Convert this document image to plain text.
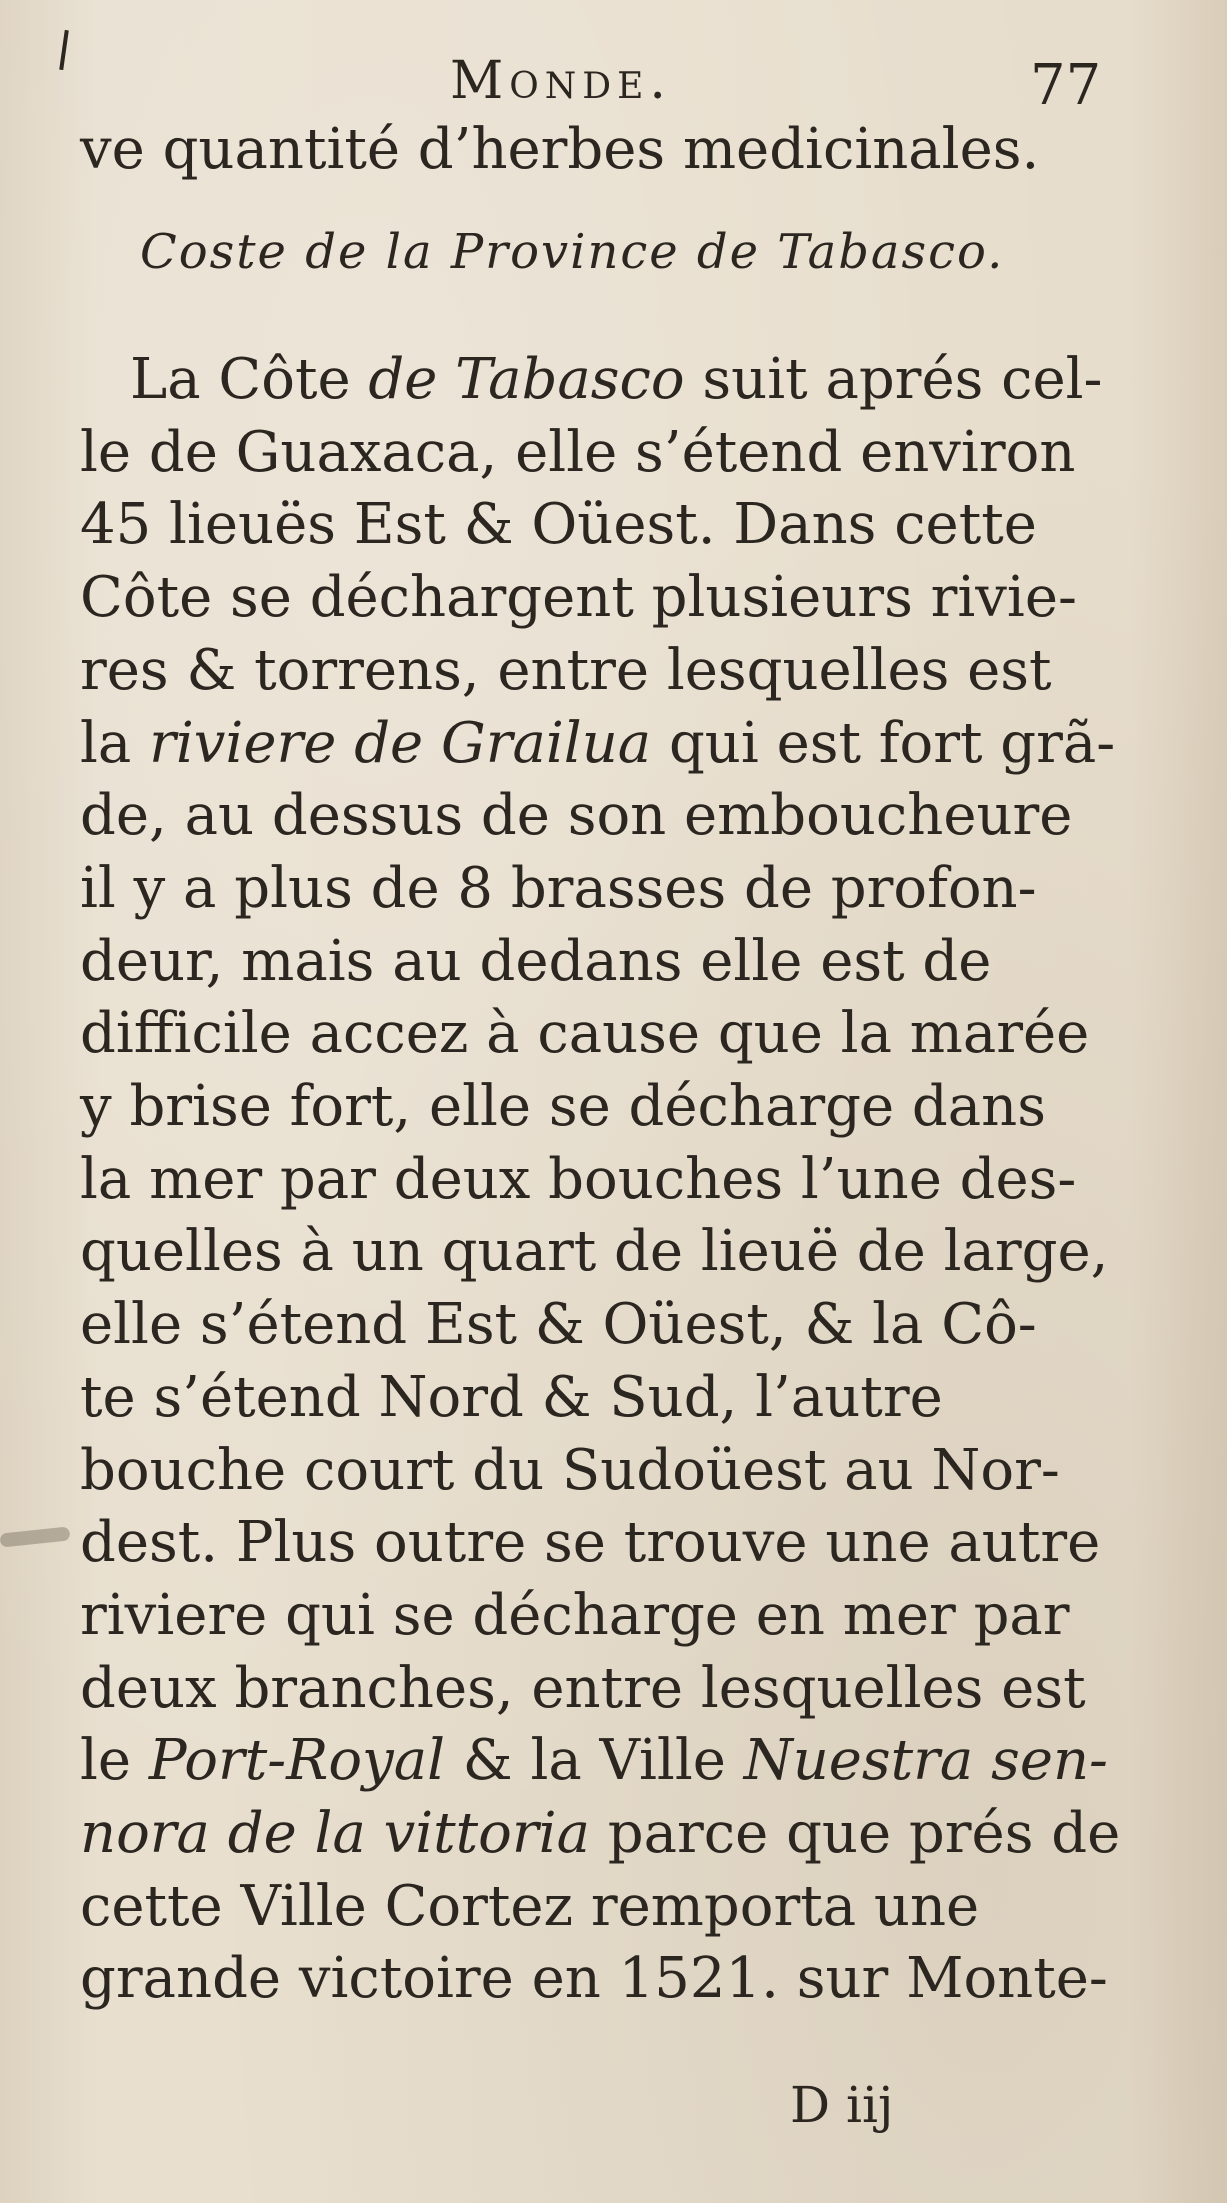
Monde.	77
ve quantité d’herbes medicinales.
Coste de la Province de Tabasco.
La Côte de Tabasco suit aprés cel-
le de Guaxaca, elle s’étend environ
45 lieuës Est & Oüest. Dans cette
Côte se déchargent plusieurs rivie-
res & torrens, entre lesquelles est
la riviere de Grailua qui est fort grã-
de, au dessus de son emboucheure
il y a plus de 8 brasses de profon-
deur, mais au dedans elle est de
difficile accez à cause que la marée
y brise fort, elle se décharge dans
la mer par deux bouches l’une des-
quelles à un quart de lieuë de large,
elle s’étend Est & Oüest, & la Cô-
te s’étend Nord & Sud, l’autre
bouche court du Sudoüest au Nor-
dest. Plus outre se trouve une autre
riviere qui se décharge en mer par
deux branches, entre lesquelles est
le Port-Royal & la Ville Nuestra sen-
nora de la vittoria parce que prés de
cette Ville Cortez remporta une
grande victoire en 1521. sur Monte-
D iij
